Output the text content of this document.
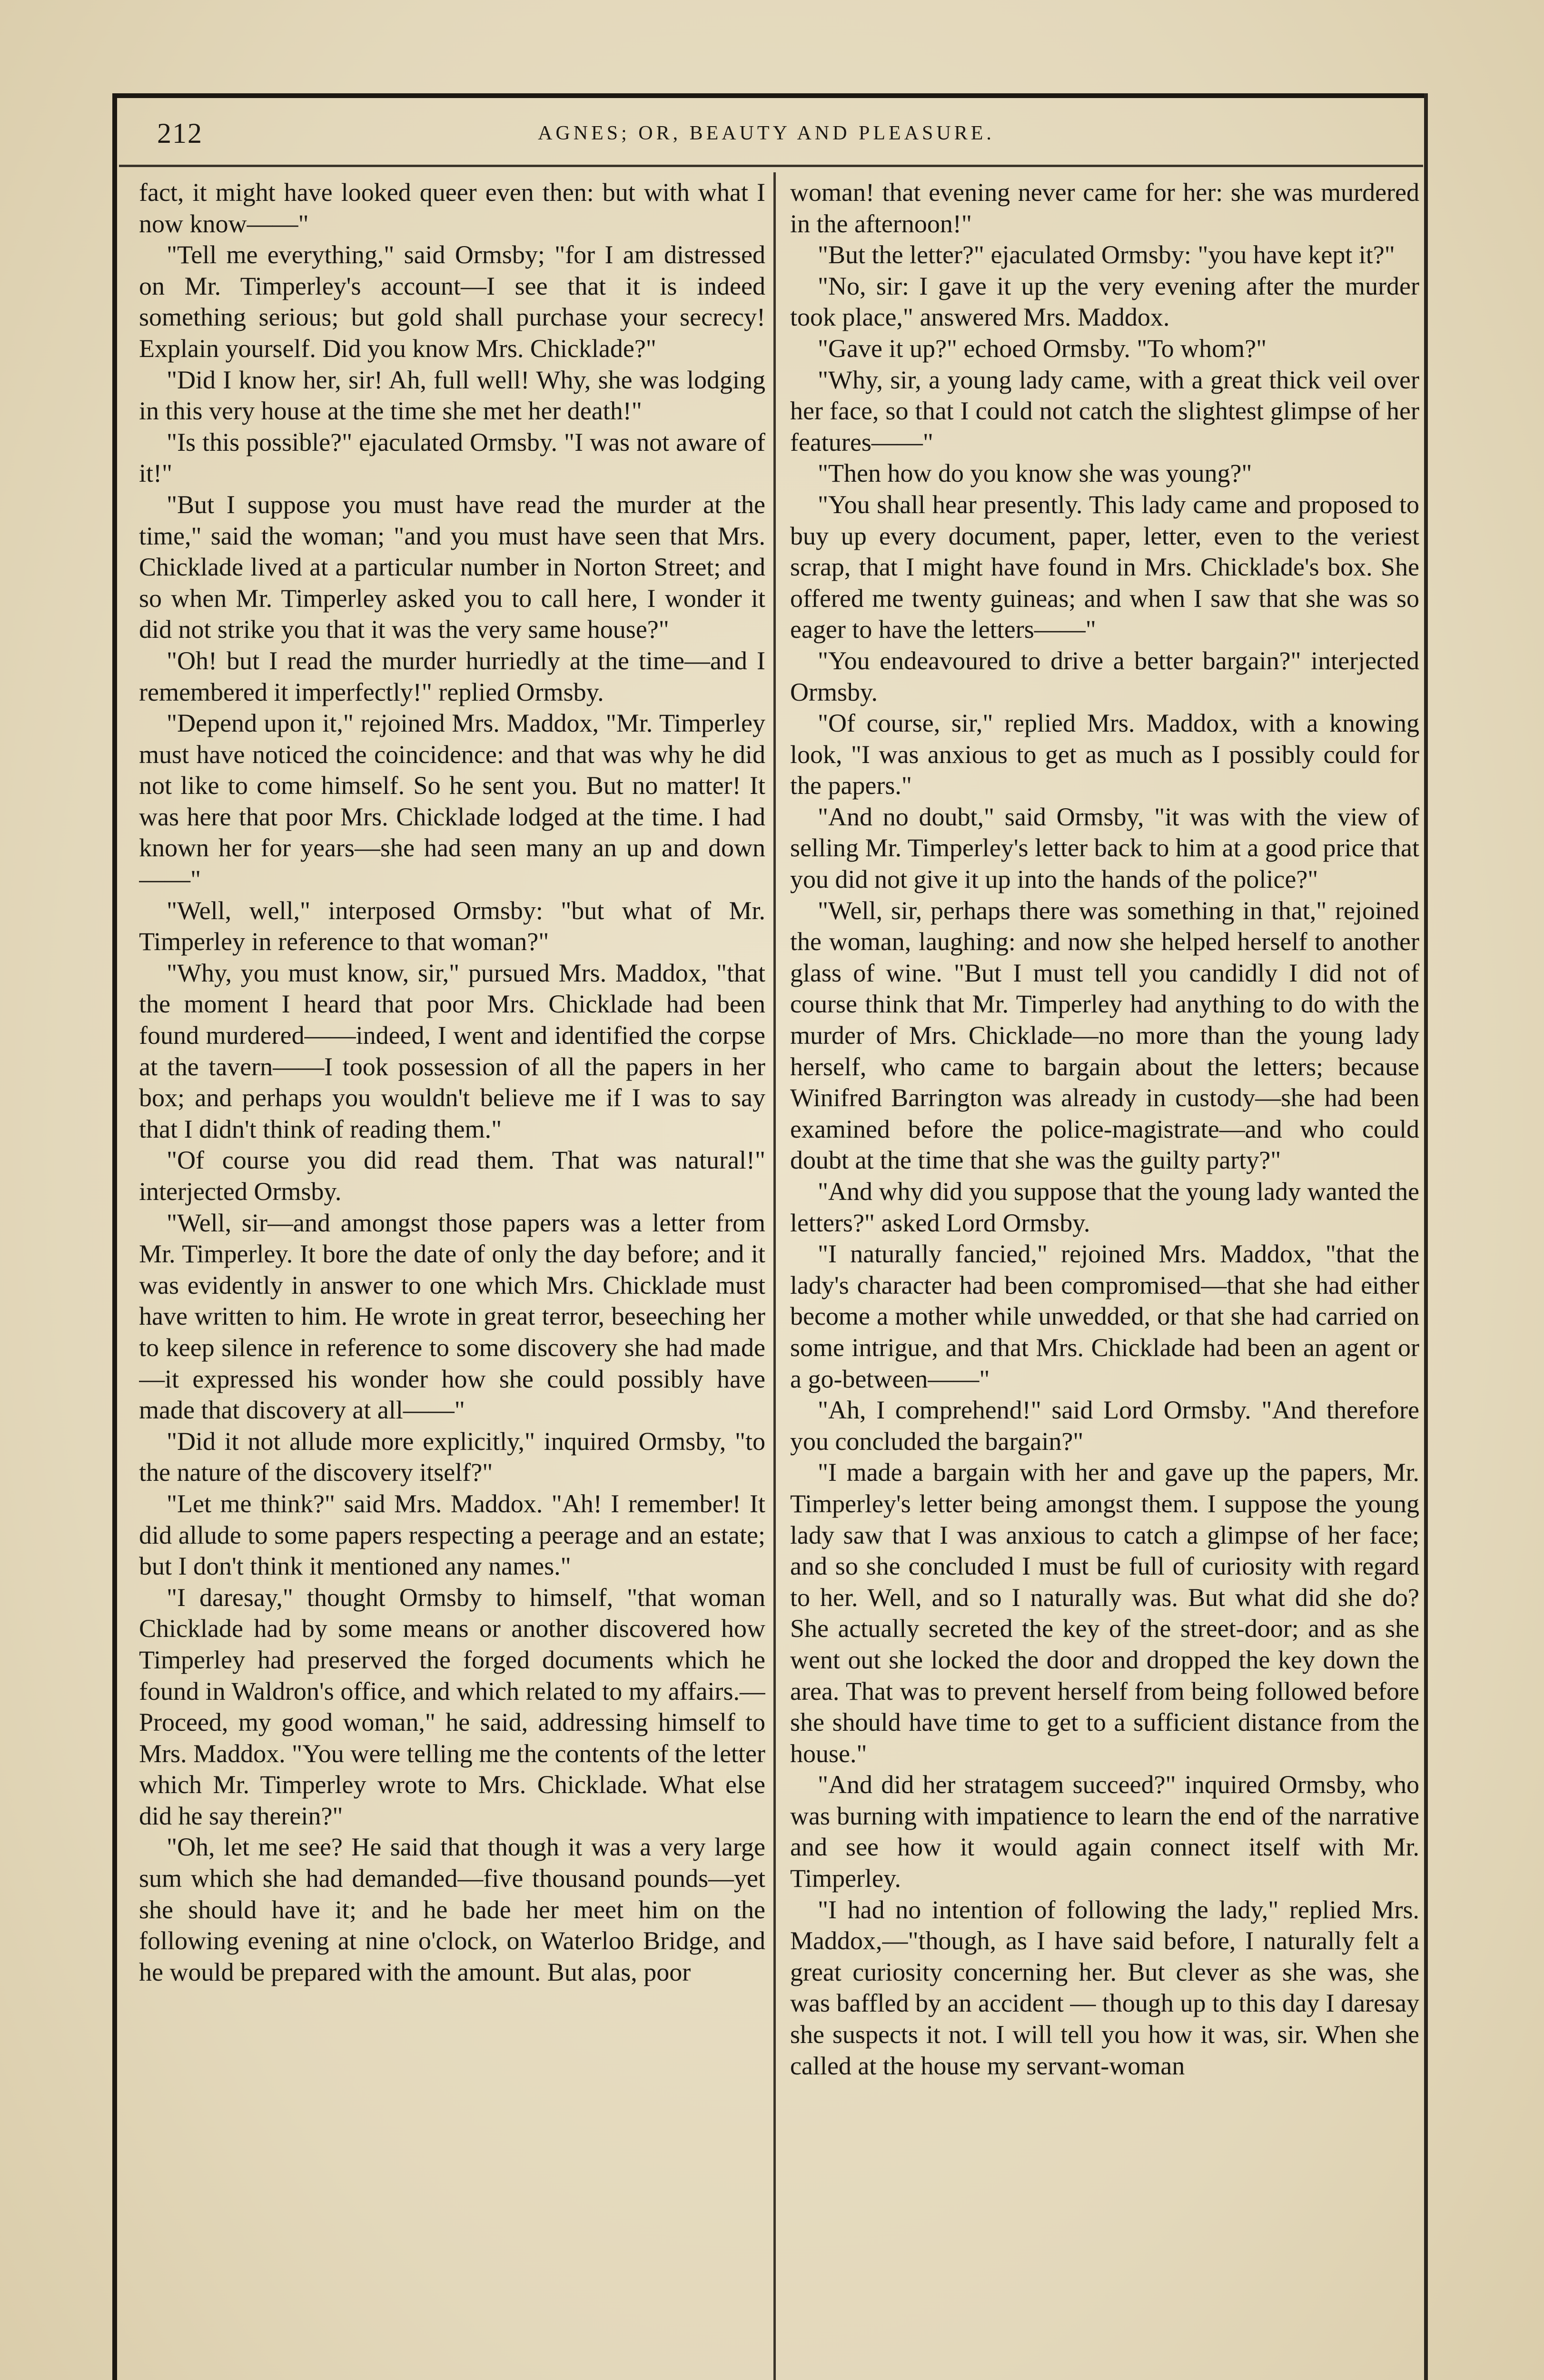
212	AGNES; OR, BEAUTY AND PLEASURE.

fact, it might have looked queer even then: but with what I now know——"

"Tell me everything," said Ormsby; "for I am distressed on Mr. Timperley's account—I see that it is indeed something serious; but gold shall purchase your secrecy! Explain yourself. Did you know Mrs. Chicklade?"

"Did I know her, sir! Ah, full well! Why, she was lodging in this very house at the time she met her death!"

"Is this possible?" ejaculated Ormsby. "I was not aware of it!"

"But I suppose you must have read the murder at the time," said the woman; "and you must have seen that Mrs. Chicklade lived at a particular number in Norton Street; and so when Mr. Timperley asked you to call here, I wonder it did not strike you that it was the very same house?"

"Oh! but I read the murder hurriedly at the time—and I remembered it imperfectly!" replied Ormsby.

"Depend upon it," rejoined Mrs. Maddox, "Mr. Timperley must have noticed the coincidence: and that was why he did not like to come himself. So he sent you. But no matter! It was here that poor Mrs. Chicklade lodged at the time. I had known her for years—she had seen many an up and down——"

"Well, well," interposed Ormsby: "but what of Mr. Timperley in reference to that woman?"

"Why, you must know, sir," pursued Mrs. Maddox, "that the moment I heard that poor Mrs. Chicklade had been found murdered——indeed, I went and identified the corpse at the tavern——I took possession of all the papers in her box; and perhaps you wouldn't believe me if I was to say that I didn't think of reading them."

"Of course you did read them. That was natural!" interjected Ormsby.

"Well, sir—and amongst those papers was a letter from Mr. Timperley. It bore the date of only the day before; and it was evidently in answer to one which Mrs. Chicklade must have written to him. He wrote in great terror, beseeching her to keep silence in reference to some discovery she had made—it expressed his wonder how she could possibly have made that discovery at all——"

"Did it not allude more explicitly," inquired Ormsby, "to the nature of the discovery itself?"

"Let me think?" said Mrs. Maddox. "Ah! I remember! It did allude to some papers respecting a peerage and an estate; but I don't think it mentioned any names."

"I daresay," thought Ormsby to himself, "that woman Chicklade had by some means or another discovered how Timperley had preserved the forged documents which he found in Waldron's office, and which related to my affairs.—Proceed, my good woman," he said, addressing himself to Mrs. Maddox. "You were telling me the contents of the letter which Mr. Timperley wrote to Mrs. Chicklade. What else did he say therein?"

"Oh, let me see? He said that though it was a very large sum which she had demanded—five thousand pounds—yet she should have it; and he bade her meet him on the following evening at nine o'clock, on Waterloo Bridge, and he would be prepared with the amount. But alas, poor

woman! that evening never came for her: she was murdered in the afternoon!"

"But the letter?" ejaculated Ormsby: "you have kept it?"

"No, sir: I gave it up the very evening after the murder took place," answered Mrs. Maddox.

"Gave it up?" echoed Ormsby. "To whom?"

"Why, sir, a young lady came, with a great thick veil over her face, so that I could not catch the slightest glimpse of her features——"

"Then how do you know she was young?"

"You shall hear presently. This lady came and proposed to buy up every document, paper, letter, even to the veriest scrap, that I might have found in Mrs. Chicklade's box. She offered me twenty guineas; and when I saw that she was so eager to have the letters——"

"You endeavoured to drive a better bargain?" interjected Ormsby.

"Of course, sir," replied Mrs. Maddox, with a knowing look, "I was anxious to get as much as I possibly could for the papers."

"And no doubt," said Ormsby, "it was with the view of selling Mr. Timperley's letter back to him at a good price that you did not give it up into the hands of the police?"

"Well, sir, perhaps there was something in that," rejoined the woman, laughing: and now she helped herself to another glass of wine. "But I must tell you candidly I did not of course think that Mr. Timperley had anything to do with the murder of Mrs. Chicklade—no more than the young lady herself, who came to bargain about the letters; because Winifred Barrington was already in custody—she had been examined before the police-magistrate—and who could doubt at the time that she was the guilty party?"

"And why did you suppose that the young lady wanted the letters?" asked Lord Ormsby.

"I naturally fancied," rejoined Mrs. Maddox, "that the lady's character had been compromised—that she had either become a mother while unwedded, or that she had carried on some intrigue, and that Mrs. Chicklade had been an agent or a go-between——"

"Ah, I comprehend!" said Lord Ormsby. "And therefore you concluded the bargain?"

"I made a bargain with her and gave up the papers, Mr. Timperley's letter being amongst them. I suppose the young lady saw that I was anxious to catch a glimpse of her face; and so she concluded I must be full of curiosity with regard to her. Well, and so I naturally was. But what did she do? She actually secreted the key of the street-door; and as she went out she locked the door and dropped the key down the area. That was to prevent herself from being followed before she should have time to get to a sufficient distance from the house."

"And did her stratagem succeed?" inquired Ormsby, who was burning with impatience to learn the end of the narrative and see how it would again connect itself with Mr. Timperley.

"I had no intention of following the lady," replied Mrs. Maddox,—"though, as I have said before, I naturally felt a great curiosity concerning her. But clever as she was, she was baffled by an accident — though up to this day I daresay she suspects it not. I will tell you how it was, sir. When she called at the house my servant-woman
